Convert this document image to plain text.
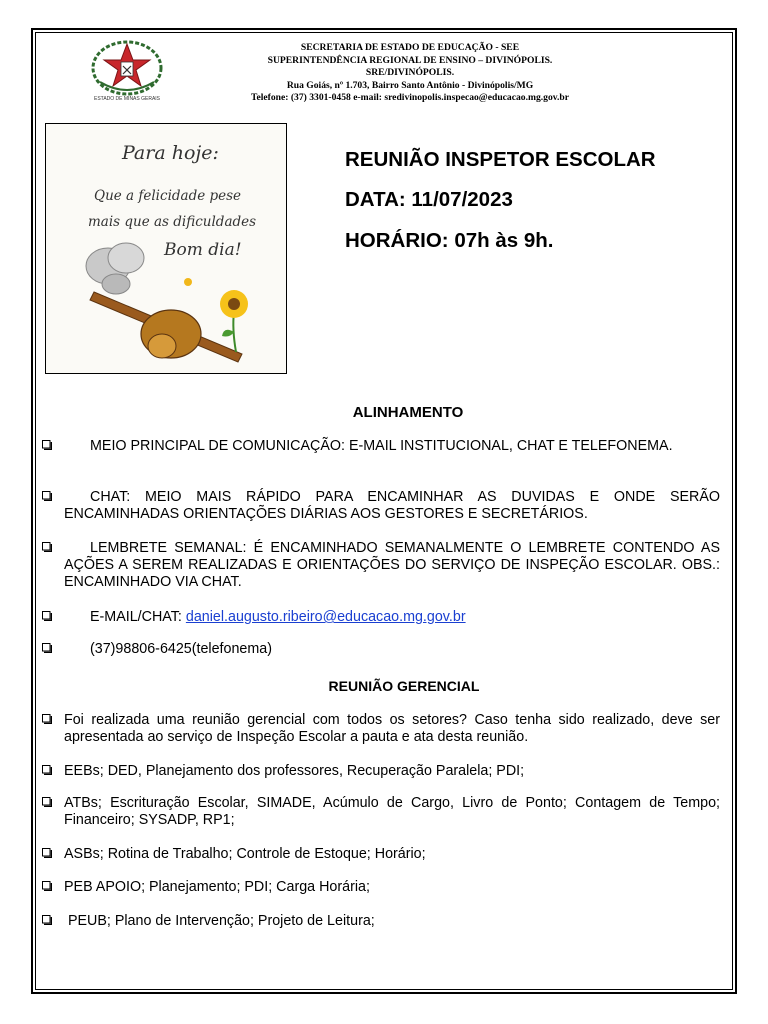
ESTADO DE MINAS GERAIS
SECRETARIA DE ESTADO DE EDUCAÇÃO - SEE
SUPERINTENDÊNCIA REGIONAL DE ENSINO – DIVINÓPOLIS.
SRE/DIVINÓPOLIS.
Rua Goiás, nº 1.703, Bairro Santo Antônio - Divinópolis/MG
Telefone: (37) 3301-0458 e-mail: sredivinopolis.inspecao@educacao.mg.gov.br
Para hoje:
Que a felicidade pese
mais que as dificuldades
Bom dia!
REUNIÃO INSPETOR ESCOLAR
DATA: 11/07/2023
HORÁRIO: 07h às 9h.
ALINHAMENTO
MEIO PRINCIPAL DE COMUNICAÇÃO: E-MAIL INSTITUCIONAL, CHAT E TELEFONEMA.
CHAT: MEIO MAIS RÁPIDO PARA ENCAMINHAR AS DUVIDAS E ONDE SERÃO ENCAMINHADAS ORIENTAÇÕES DIÁRIAS AOS GESTORES E SECRETÁRIOS.
LEMBRETE SEMANAL: É ENCAMINHADO SEMANALMENTE O LEMBRETE CONTENDO AS AÇÕES A SEREM REALIZADAS E ORIENTAÇÕES DO SERVIÇO DE INSPEÇÃO ESCOLAR. OBS.: ENCAMINHADO VIA CHAT.
E-MAIL/CHAT: daniel.augusto.ribeiro@educacao.mg.gov.br
(37)98806-6425(telefonema)
REUNIÃO GERENCIAL
Foi realizada uma reunião gerencial com todos os setores? Caso tenha sido realizado, deve ser apresentada ao serviço de Inspeção Escolar a pauta e ata desta reunião.
EEBs; DED, Planejamento dos professores, Recuperação Paralela; PDI;
ATBs; Escrituração Escolar, SIMADE, Acúmulo de Cargo, Livro de Ponto; Contagem de Tempo; Financeiro; SYSADP, RP1;
ASBs; Rotina de Trabalho; Controle de Estoque; Horário;
PEB APOIO; Planejamento; PDI; Carga Horária;
PEUB; Plano de Intervenção; Projeto de Leitura;
